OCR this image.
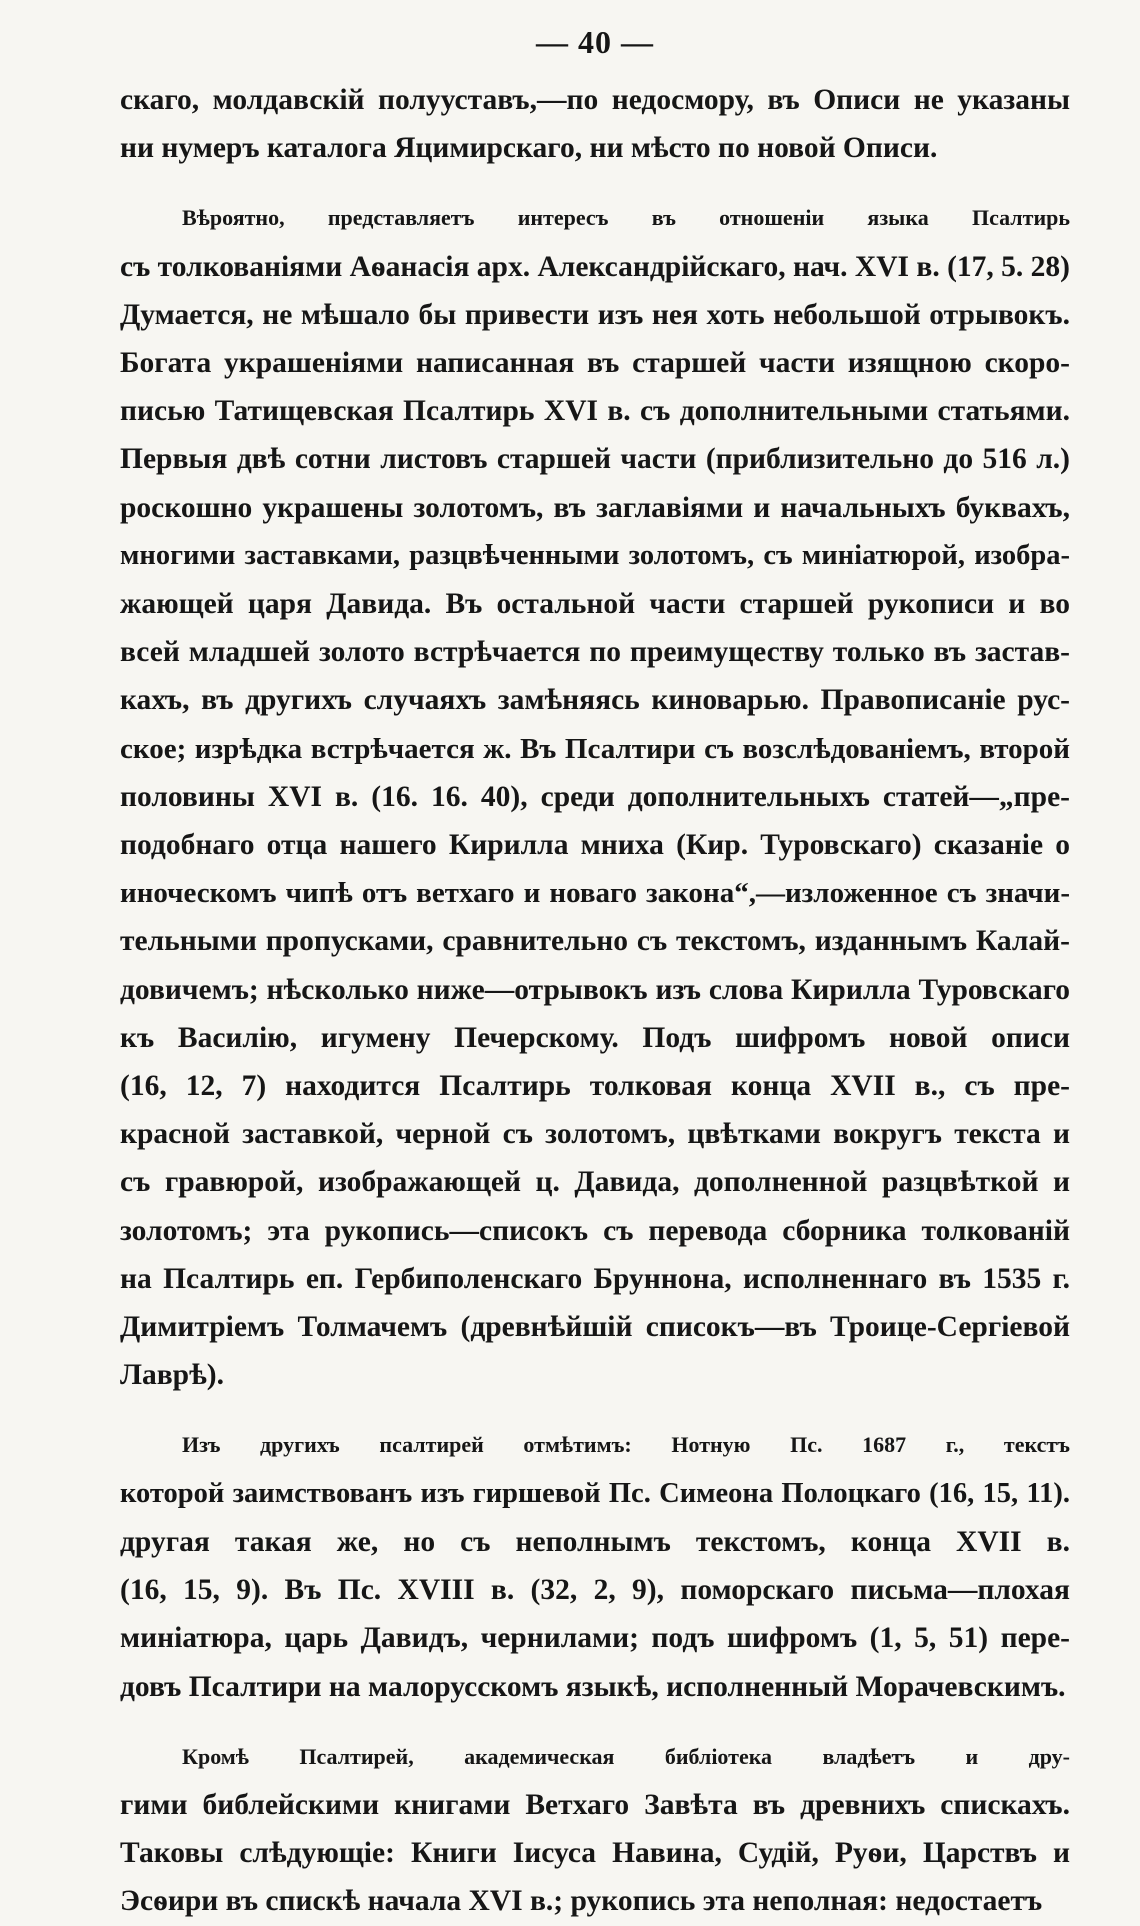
— 40 —
скаго, молдавскій полууставъ,—по недосмору, въ Описи не указаны
ни нумеръ каталога Яцимирскаго, ни мѣсто по новой Описи.
Вѣроятно, представляетъ интересъ въ отношеніи языка Псалтирь
съ толкованіями Аѳанасія арх. Александрійскаго, нач. XVI в. (17, 5. 28)
Думается, не мѣшало бы привести изъ нея хоть небольшой отрывокъ.
Богата украшеніями написанная въ старшей части изящною скоро-
писью Татищевская Псалтирь XVI в. съ дополнительными статьями.
Первыя двѣ сотни листовъ старшей части (приблизительно до 516 л.)
роскошно украшены золотомъ, въ заглавіями и начальныхъ буквахъ,
многими заставками, разцвѣченными золотомъ, съ миніатюрой, изобра-
жающей царя Давида. Въ остальной части старшей рукописи и во
всей младшей золото встрѣчается по преимуществу только въ застав-
кахъ, въ другихъ случаяхъ замѣняясь киноварью. Правописаніе рус-
ское; изрѣдка встрѣчается ж. Въ Псалтири съ возслѣдованіемъ, второй
половины XVI в. (16. 16. 40), среди дополнительныхъ статей—„пре-
подобнаго отца нашего Кирилла мниха (Кир. Туровскаго) сказаніе о
иноческомъ чипѣ отъ ветхаго и новаго закона“,—изложенное съ значи-
тельными пропусками, сравнительно съ текстомъ, изданнымъ Калай-
довичемъ; нѣсколько ниже—отрывокъ изъ слова Кирилла Туровскаго
къ Василію, игумену Печерскому. Подъ шифромъ новой описи
(16, 12, 7) находится Псалтирь толковая конца XVII в., съ пре-
красной заставкой, черной съ золотомъ, цвѣтками вокругъ текста и
съ гравюрой, изображающей ц. Давида, дополненной разцвѣткой и
золотомъ; эта рукопись—списокъ съ перевода сборника толкованій
на Псалтирь еп. Гербиполенскаго Бруннона, исполненнаго въ 1535 г.
Димитріемъ Толмачемъ (древнѣйшій списокъ—въ Троице-Сергіевой
Лаврѣ).
Изъ другихъ псалтирей отмѣтимъ: Нотную Пс. 1687 г., текстъ
которой заимствованъ изъ гиршевой Пс. Симеона Полоцкаго (16, 15, 11).
другая такая же, но съ неполнымъ текстомъ, конца XVII в.
(16, 15, 9). Въ Пс. XVIII в. (32, 2, 9), поморскаго письма—плохая
миніатюра, царь Давидъ, чернилами; подъ шифромъ (1, 5, 51) пере-
довъ Псалтири на малорусскомъ языкѣ, исполненный Морачевскимъ.
Кромѣ Псалтирей, академическая библіотека владѣетъ и дру-
гими библейскими книгами Ветхаго Завѣта въ древнихъ спискахъ.
Таковы слѣдующіе: Книги Іисуса Навина, Судій, Руѳи, Царствъ и
Эсѳири въ спискѣ начала XVI в.; рукопись эта неполная: недостаетъ
